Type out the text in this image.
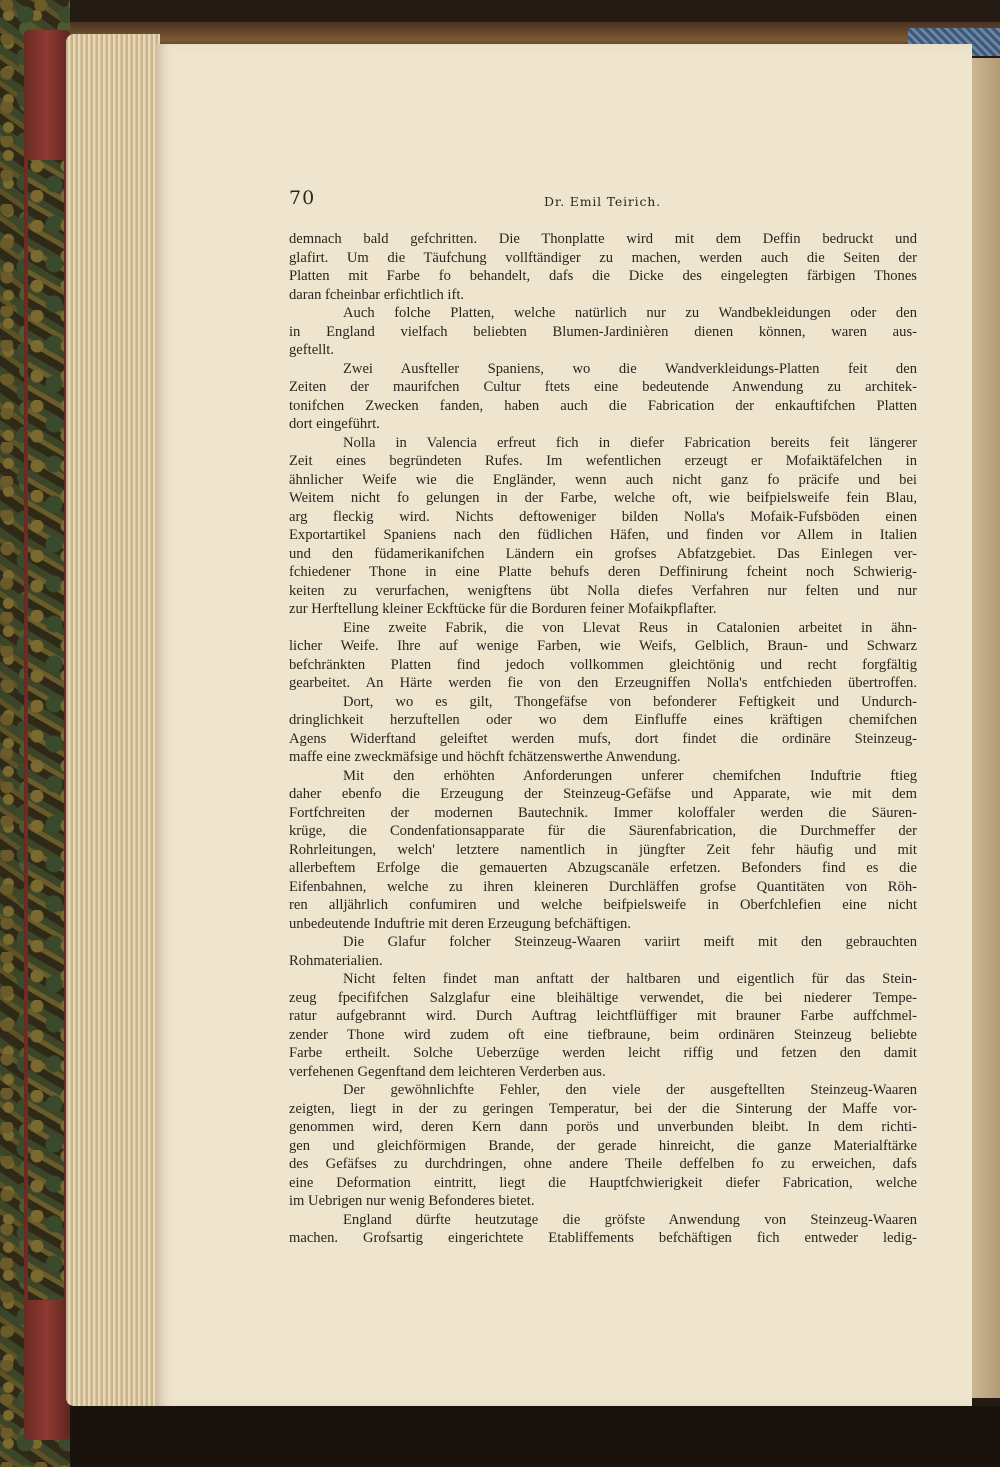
70	Dr. Emil Teirich.
demnach bald gefchritten. Die Thonplatte wird mit dem Deffin bedruckt und
glafirt. Um die Täufchung vollftändiger zu machen, werden auch die Seiten der
Platten mit Farbe fo behandelt, dafs die Dicke des eingelegten färbigen Thones
daran fcheinbar erfichtlich ift.
Auch folche Platten, welche natürlich nur zu Wandbekleidungen oder den
in England vielfach beliebten Blumen-Jardinièren dienen können, waren aus-
geftellt.
Zwei Ausfteller Spaniens, wo die Wandverkleidungs-Platten feit den
Zeiten der maurifchen Cultur ftets eine bedeutende Anwendung zu architek-
tonifchen Zwecken fanden, haben auch die Fabrication der enkauftifchen Platten
dort eingeführt.
Nolla in Valencia erfreut fich in diefer Fabrication bereits feit längerer
Zeit eines begründeten Rufes. Im wefentlichen erzeugt er Mofaiktäfelchen in
ähnlicher Weife wie die Engländer, wenn auch nicht ganz fo präcife und bei
Weitem nicht fo gelungen in der Farbe, welche oft, wie beifpielsweife fein Blau,
arg fleckig wird. Nichts deftoweniger bilden Nolla's Mofaik-Fufsböden einen
Exportartikel Spaniens nach den füdlichen Häfen, und finden vor Allem in Italien
und den füdamerikanifchen Ländern ein grofses Abfatzgebiet. Das Einlegen ver-
fchiedener Thone in eine Platte behufs deren Deffinirung fcheint noch Schwierig-
keiten zu verurfachen, wenigftens übt Nolla diefes Verfahren nur felten und nur
zur Herftellung kleiner Eckftücke für die Borduren feiner Mofaikpflafter.
Eine zweite Fabrik, die von Llevat Reus in Catalonien arbeitet in ähn-
licher Weife. Ihre auf wenige Farben, wie Weifs, Gelblich, Braun- und Schwarz
befchränkten Platten find jedoch vollkommen gleichtönig und recht forgfältig
gearbeitet. An Härte werden fie von den Erzeugniffen Nolla's entfchieden übertroffen.
Dort, wo es gilt, Thongefäfse von befonderer Feftigkeit und Undurch-
dringlichkeit herzuftellen oder wo dem Einfluffe eines kräftigen chemifchen
Agens Widerftand geleiftet werden mufs, dort findet die ordinäre Steinzeug-
maffe eine zweckmäfsige und höchft fchätzenswerthe Anwendung.
Mit den erhöhten Anforderungen unferer chemifchen Induftrie ftieg
daher ebenfo die Erzeugung der Steinzeug-Gefäfse und Apparate, wie mit dem
Fortfchreiten der modernen Bautechnik. Immer koloffaler werden die Säuren-
krüge, die Condenfationsapparate für die Säurenfabrication, die Durchmeffer der
Rohrleitungen, welch' letztere namentlich in jüngfter Zeit fehr häufig und mit
allerbeftem Erfolge die gemauerten Abzugscanäle erfetzen. Befonders find es die
Eifenbahnen, welche zu ihren kleineren Durchläffen grofse Quantitäten von Röh-
ren alljährlich confumiren und welche beifpielsweife in Oberfchlefien eine nicht
unbedeutende Induftrie mit deren Erzeugung befchäftigen.
Die Glafur folcher Steinzeug-Waaren variirt meift mit den gebrauchten
Rohmaterialien.
Nicht felten findet man anftatt der haltbaren und eigentlich für das Stein-
zeug fpecififchen Salzglafur eine bleihältige verwendet, die bei niederer Tempe-
ratur aufgebrannt wird. Durch Auftrag leichtflüffiger mit brauner Farbe auffchmel-
zender Thone wird zudem oft eine tiefbraune, beim ordinären Steinzeug beliebte
Farbe ertheilt. Solche Ueberzüge werden leicht riffig und fetzen den damit
verfehenen Gegenftand dem leichteren Verderben aus.
Der gewöhnlichfte Fehler, den viele der ausgeftellten Steinzeug-Waaren
zeigten, liegt in der zu geringen Temperatur, bei der die Sinterung der Maffe vor-
genommen wird, deren Kern dann porös und unverbunden bleibt. In dem richti-
gen und gleichförmigen Brande, der gerade hinreicht, die ganze Materialftärke
des Gefäfses zu durchdringen, ohne andere Theile deffelben fo zu erweichen, dafs
eine Deformation eintritt, liegt die Hauptfchwierigkeit diefer Fabrication, welche
im Uebrigen nur wenig Befonderes bietet.
England dürfte heutzutage die gröfste Anwendung von Steinzeug-Waaren
machen. Grofsartig eingerichtete Etabliffements befchäftigen fich entweder ledig-
